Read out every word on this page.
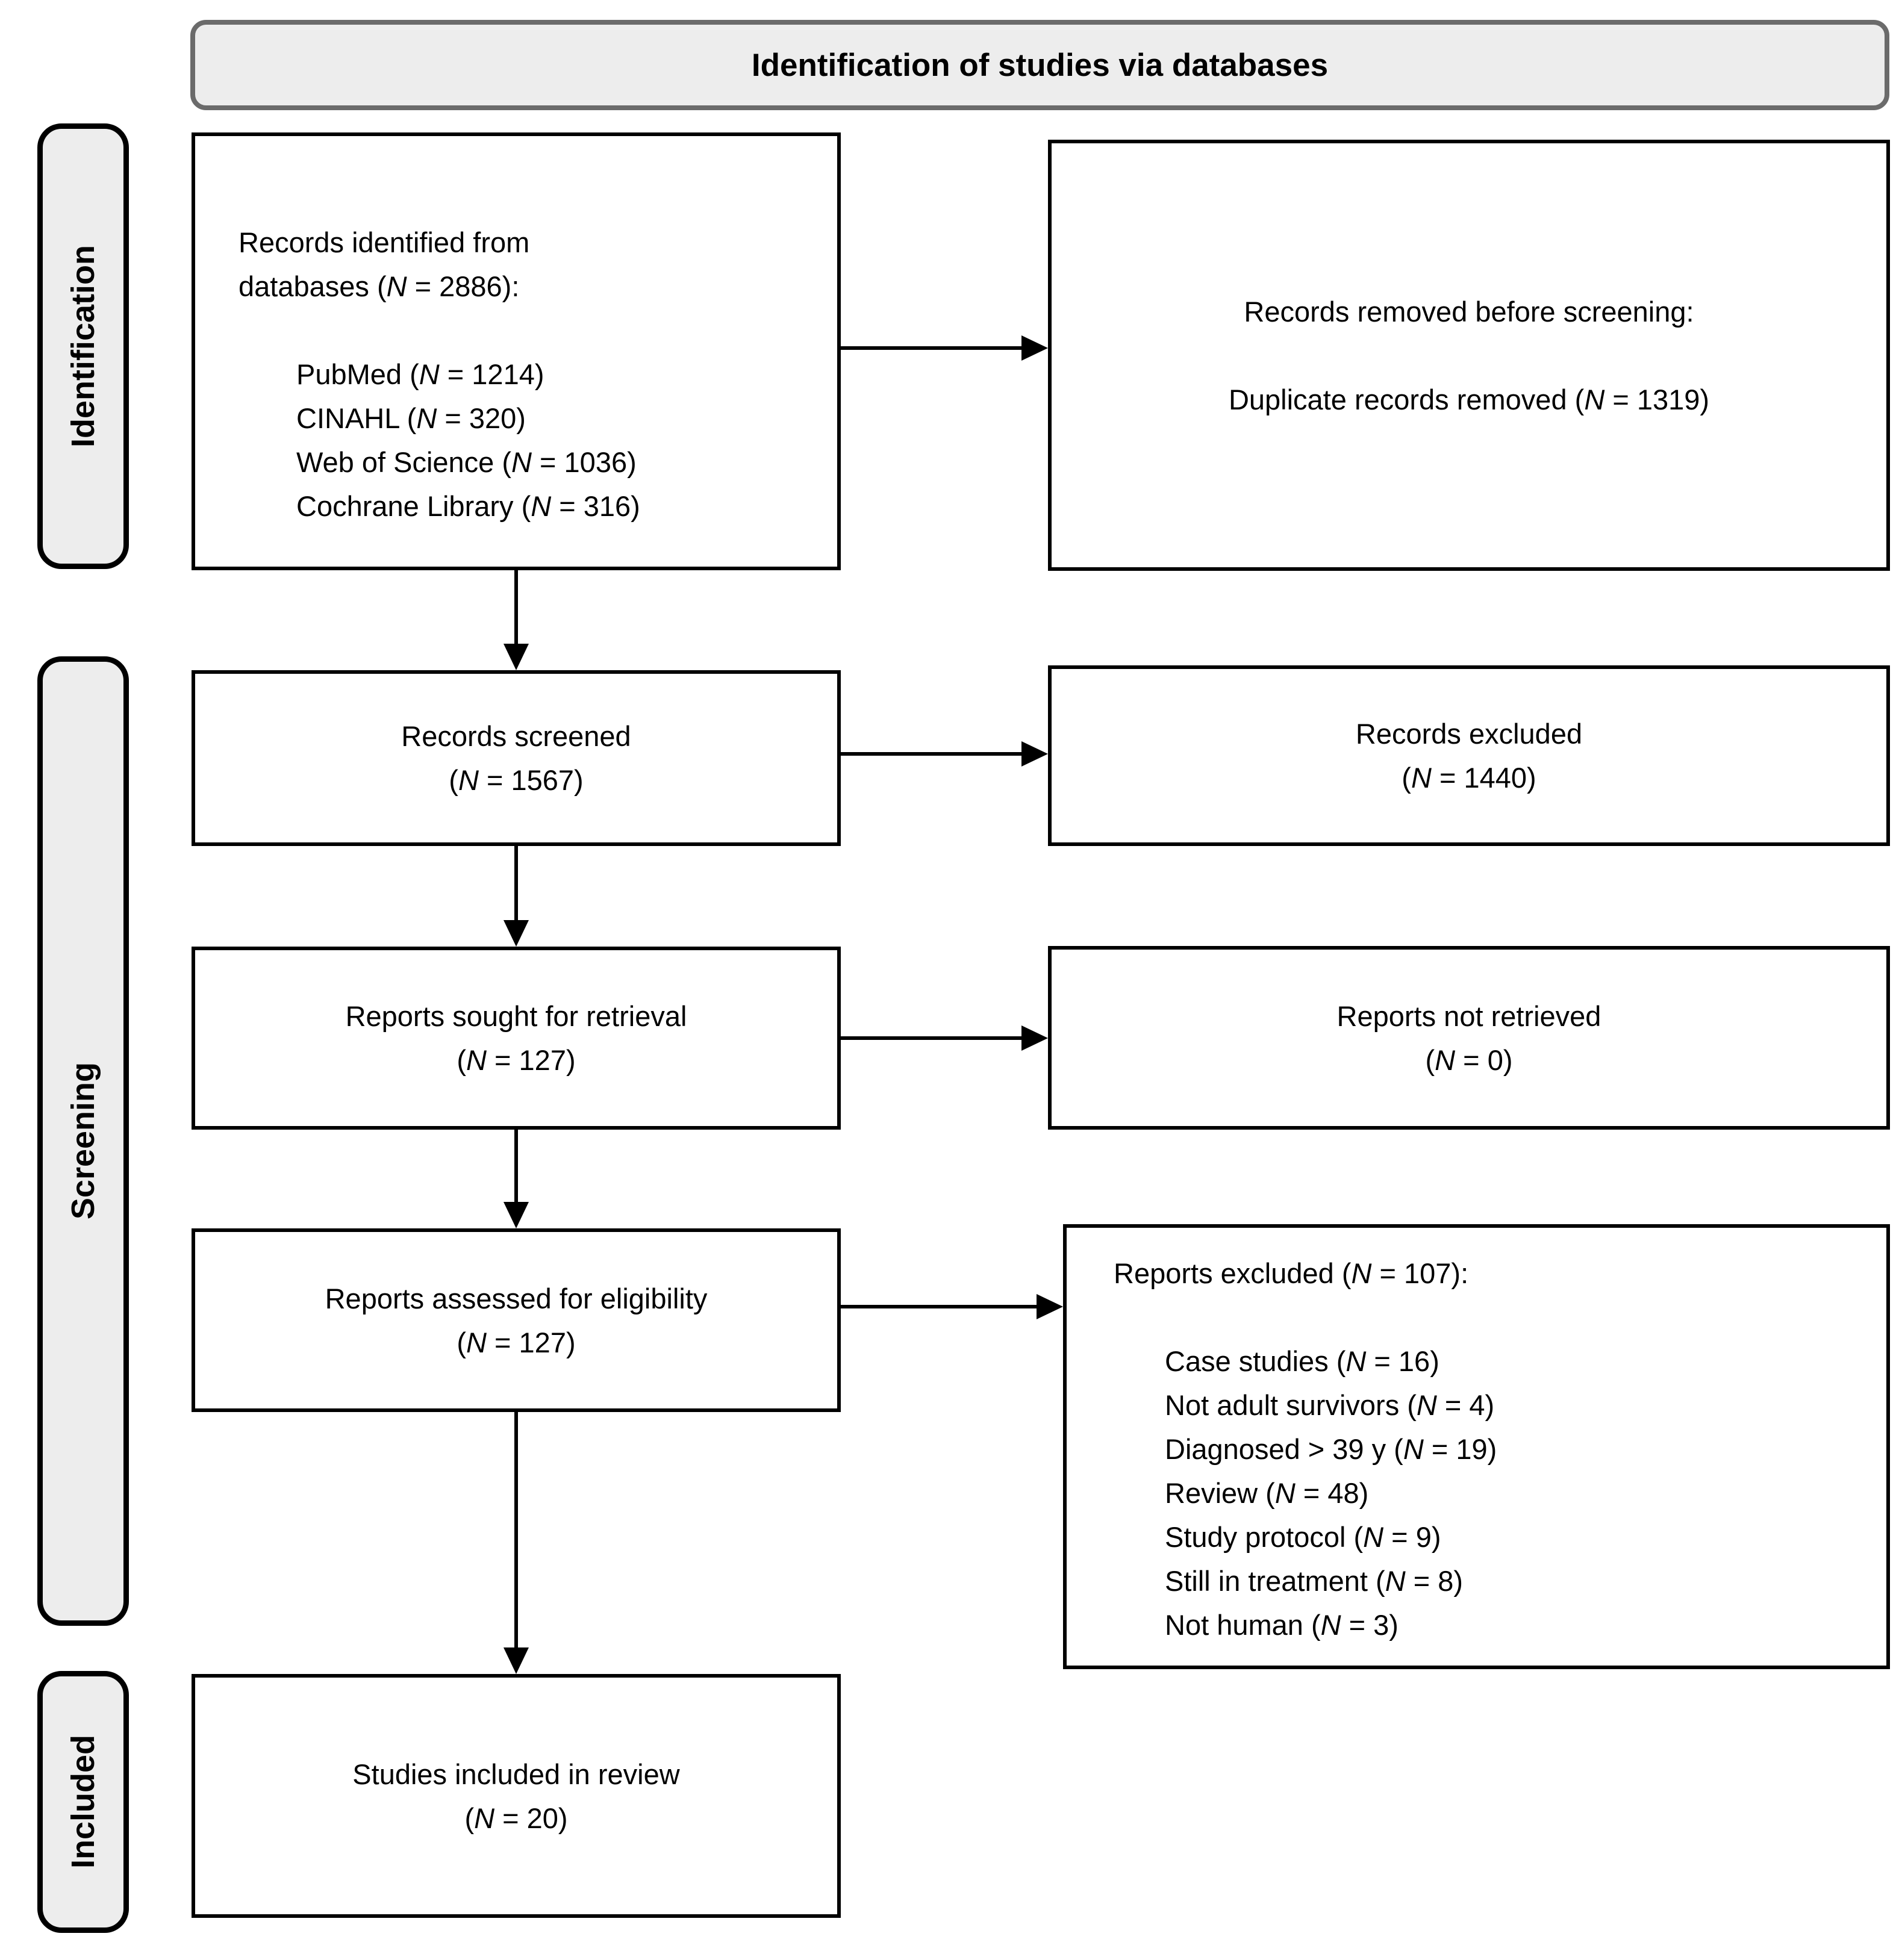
Identification of studies via databases
Identification
Screening
Included
Records identified from
databases (N = 2886):
PubMed (N = 1214)
CINAHL (N = 320)
Web of Science (N = 1036)
Cochrane Library (N = 316)
Records removed before screening:
Duplicate records removed (N = 1319)
Records screened
(N = 1567)
Records excluded
(N = 1440)
Reports sought for retrieval
(N = 127)
Reports not retrieved
(N = 0)
Reports assessed for eligibility
(N = 127)
Reports excluded (N = 107):
Case studies (N = 16)
Not adult survivors (N = 4)
Diagnosed > 39 y (N = 19)
Review (N = 48)
Study protocol (N = 9)
Still in treatment (N = 8)
Not human (N = 3)
Studies included in review
(N = 20)
